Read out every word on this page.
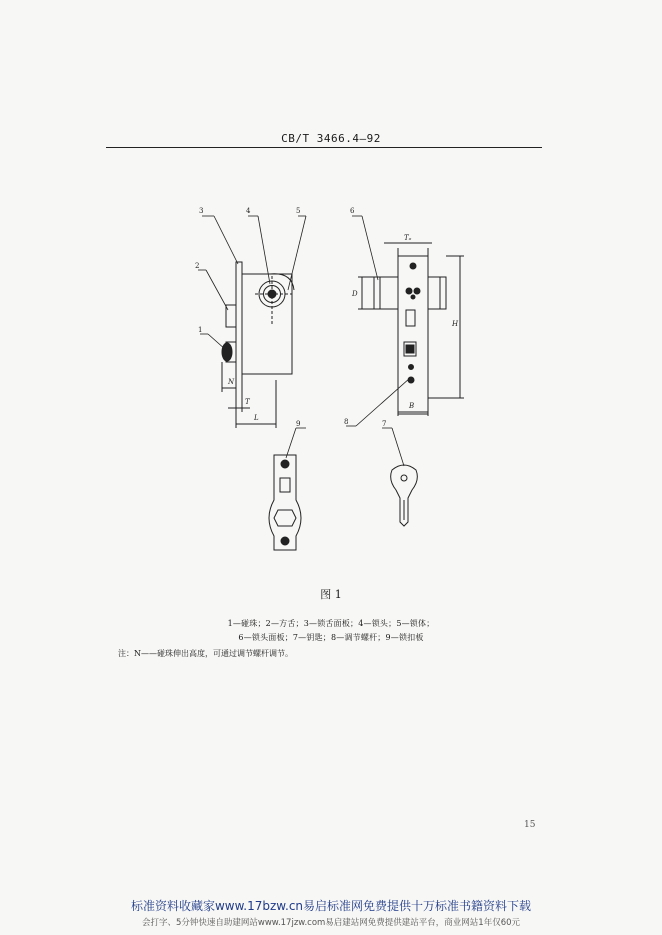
CB/T 3466.4—92
3	4	5
2
1
6
8
9	7
T
N
L
Tₒ
D
H
B
图 1
1—碰珠；2—方舌；3—锁舌面板；4—锁头；5—锁体；
6—锁头面板；7—钥匙；8—调节螺杆；9—锁扣板
注：N——碰珠伸出高度，可通过调节螺杆调节。
15
标准资料收藏家www.17bzw.cn易启标准网免费提供十万标准书籍资料下载
会打字、5分钟快速自助建网站www.17jzw.com易启建站网免费提供建站平台，商业网站1年仅60元
